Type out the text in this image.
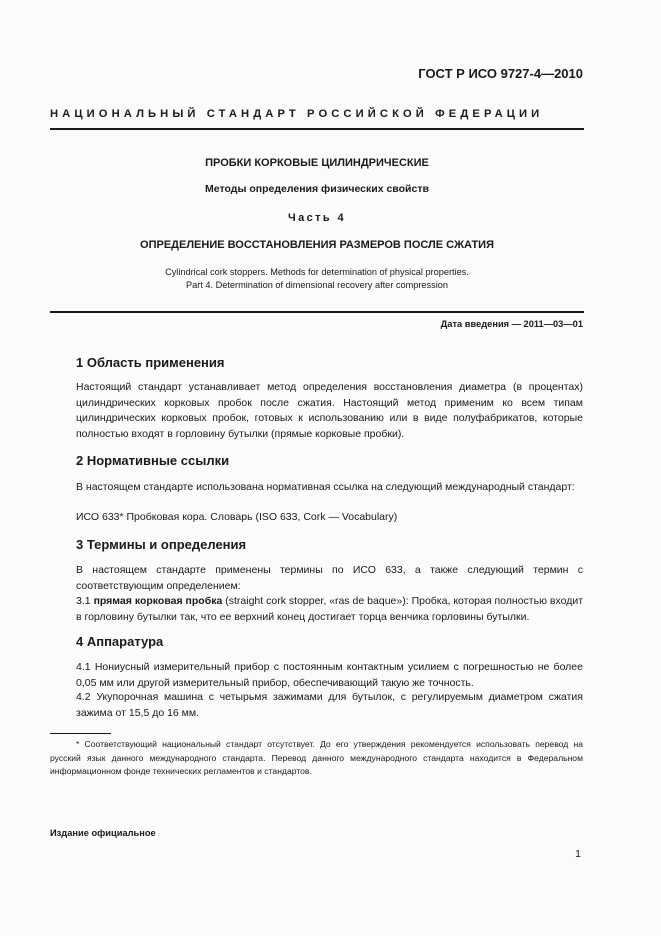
ГОСТ Р ИСО 9727-4—2010
НАЦИОНАЛЬНЫЙ СТАНДАРТ РОССИЙСКОЙ ФЕДЕРАЦИИ
ПРОБКИ КОРКОВЫЕ ЦИЛИНДРИЧЕСКИЕ
Методы определения физических свойств
Часть 4
ОПРЕДЕЛЕНИЕ ВОССТАНОВЛЕНИЯ РАЗМЕРОВ ПОСЛЕ СЖАТИЯ
Cylindrical cork stoppers. Methods for determination of physical properties.
Part 4. Determination of dimensional recovery after compression
Дата введения — 2011—03—01
1 Область применения
Настоящий стандарт устанавливает метод определения восстановления диаметра (в процентах) цилиндрических корковых пробок после сжатия. Настоящий метод применим ко всем типам цилиндрических корковых пробок, готовых к использованию или в виде полуфабрикатов, которые полностью входят в горловину бутылки (прямые корковые пробки).
2 Нормативные ссылки
В настоящем стандарте использована нормативная ссылка на следующий международный стандарт:
ИСО 633* Пробковая кора. Словарь (ISO 633, Cork — Vocabulary)
3 Термины и определения
В настоящем стандарте применены термины по ИСО 633, а также следующий термин с соответствующим определением:
3.1 прямая корковая пробка (straight cork stopper, «ras de baque»): Пробка, которая полностью входит в горловину бутылки так, что ее верхний конец достигает торца венчика горловины бутылки.
4 Аппаратура
4.1 Нониусный измерительный прибор с постоянным контактным усилием с погрешностью не более 0,05 мм или другой измерительный прибор, обеспечивающий такую же точность.
4.2 Укупорочная машина с четырьмя зажимами для бутылок, с регулируемым диаметром сжатия зажима от 15,5 до 16 мм.
* Соответствующий национальный стандарт отсутствует. До его утверждения рекомендуется использовать перевод на русский язык данного международного стандарта. Перевод данного международного стандарта находится в Федеральном информационном фонде технических регламентов и стандартов.
Издание официальное
1
